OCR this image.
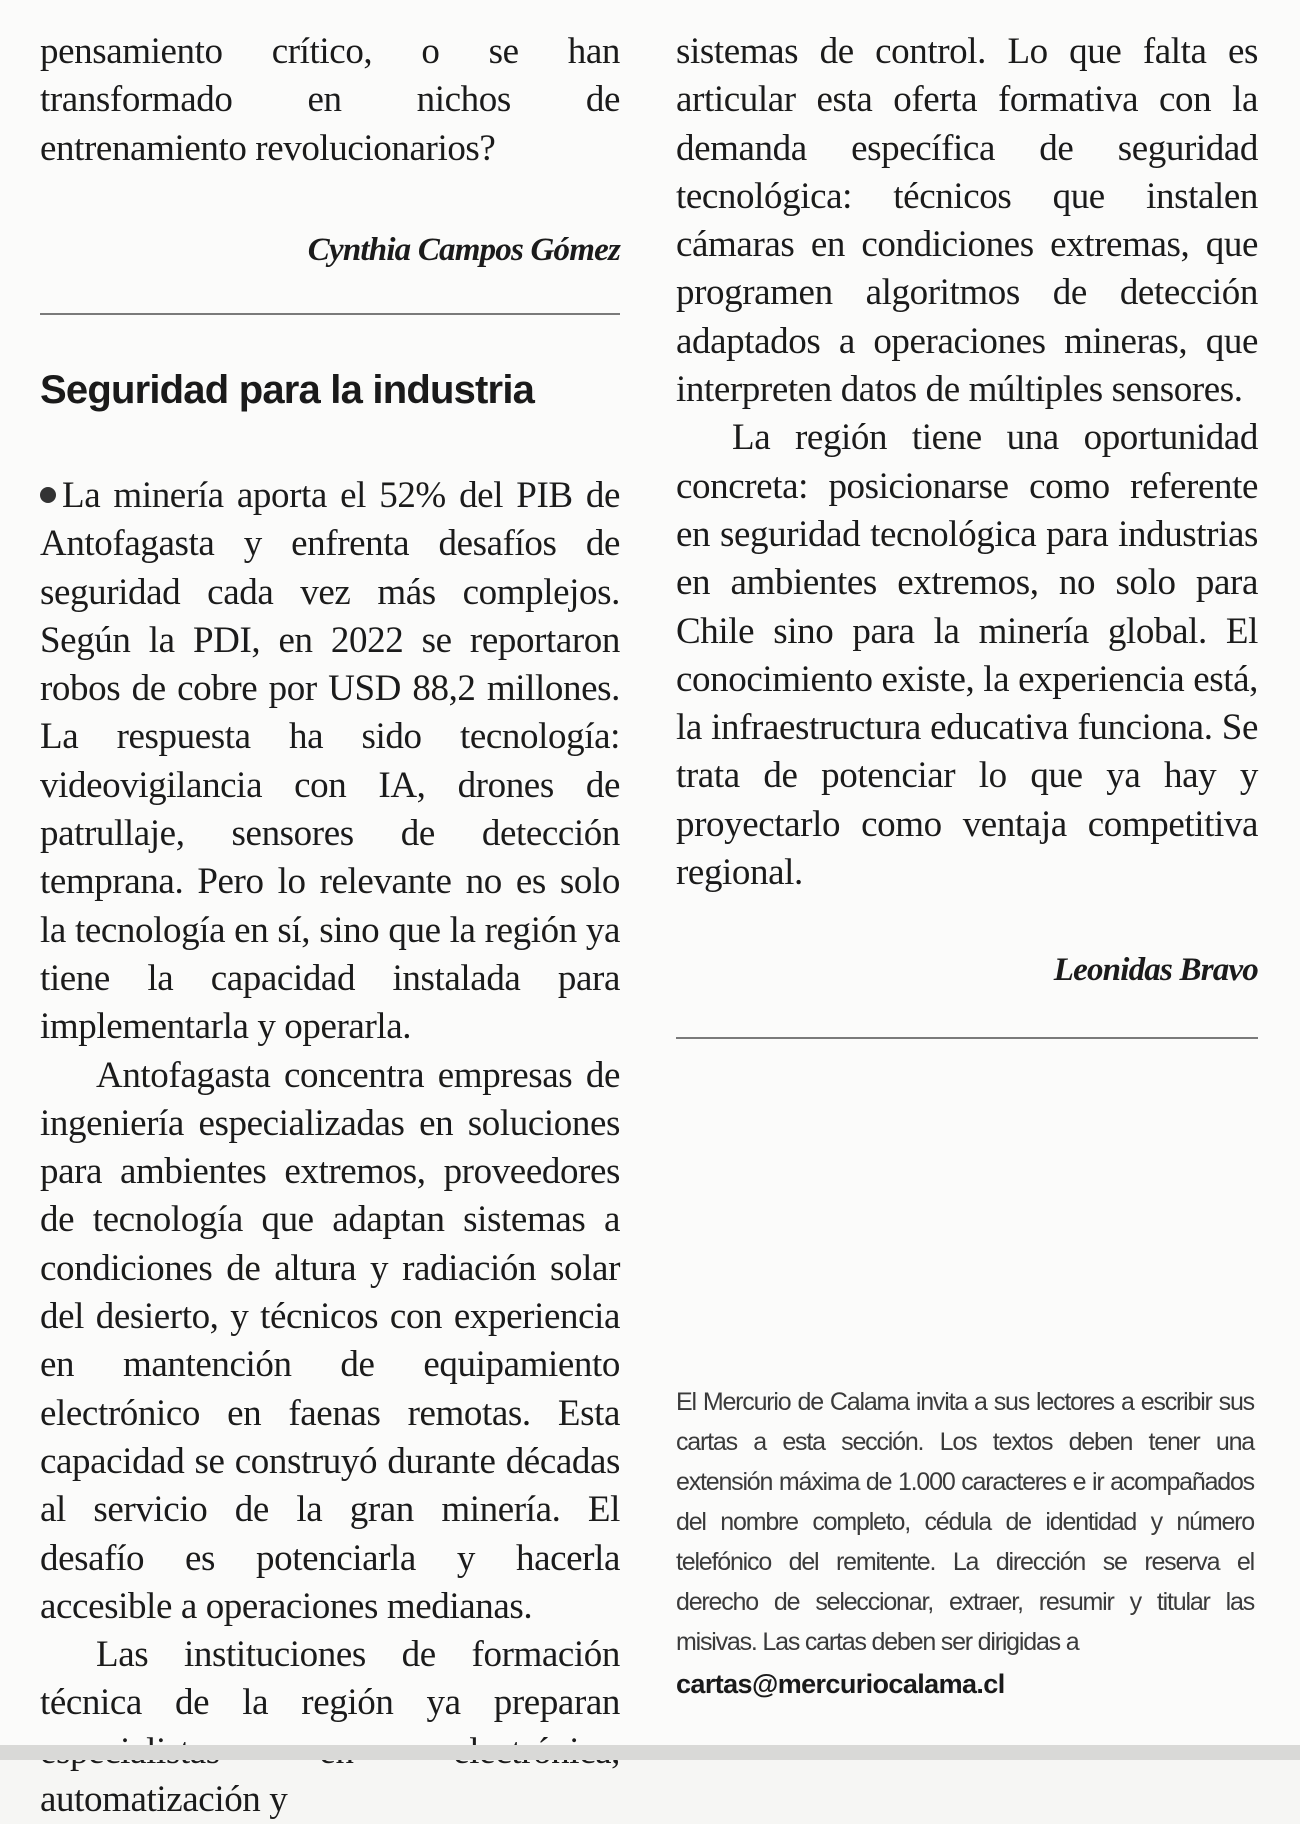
pensamiento crítico, o se han transformado en nichos de entrenamiento revolucionarios?

Cynthia Campos Gómez

Seguridad para la industria

La minería aporta el 52% del PIB de Antofagasta y enfrenta desafíos de seguridad cada vez más complejos. Según la PDI, en 2022 se reportaron robos de cobre por USD 88,2 millones. La respuesta ha sido tecnología: videovigilancia con IA, drones de patrullaje, sensores de detección temprana. Pero lo relevante no es solo la tecnología en sí, sino que la región ya tiene la capacidad instalada para implementarla y operarla.

Antofagasta concentra empresas de ingeniería especializadas en soluciones para ambientes extremos, proveedores de tecnología que adaptan sistemas a condiciones de altura y radiación solar del desierto, y técnicos con experiencia en mantención de equipamiento electrónico en faenas remotas. Esta capacidad se construyó durante décadas al servicio de la gran minería. El desafío es potenciarla y hacerla accesible a operaciones medianas.

Las instituciones de formación técnica de la región ya preparan automatización y

sistemas de control. Lo que falta es articular esta oferta formativa con la demanda específica de seguridad tecnológica: técnicos que instalen cámaras en condiciones extremas, que programen algoritmos de detección adaptados a operaciones mineras, que interpreten datos de múltiples sensores.

La región tiene una oportunidad concreta: posicionarse como referente en seguridad tecnológica para industrias en ambientes extremos, no solo para Chile sino para la minería global. El conocimiento existe, la experiencia está, la infraestructura educativa funciona. Se trata de potenciar lo que ya hay y proyectarlo como ventaja competitiva regional.

Leonidas Bravo

El Mercurio de Calama invita a sus lectores a escribir sus cartas a esta sección. Los textos deben tener una extensión máxima de 1.000 caracteres e ir acompañados del nombre completo, cédula de identidad y número telefónico del remitente. La dirección se reserva el derecho de seleccionar, extraer, resumir y titular las misivas. Las cartas deben ser dirigidas a
cartas@mercuriocalama.cl
